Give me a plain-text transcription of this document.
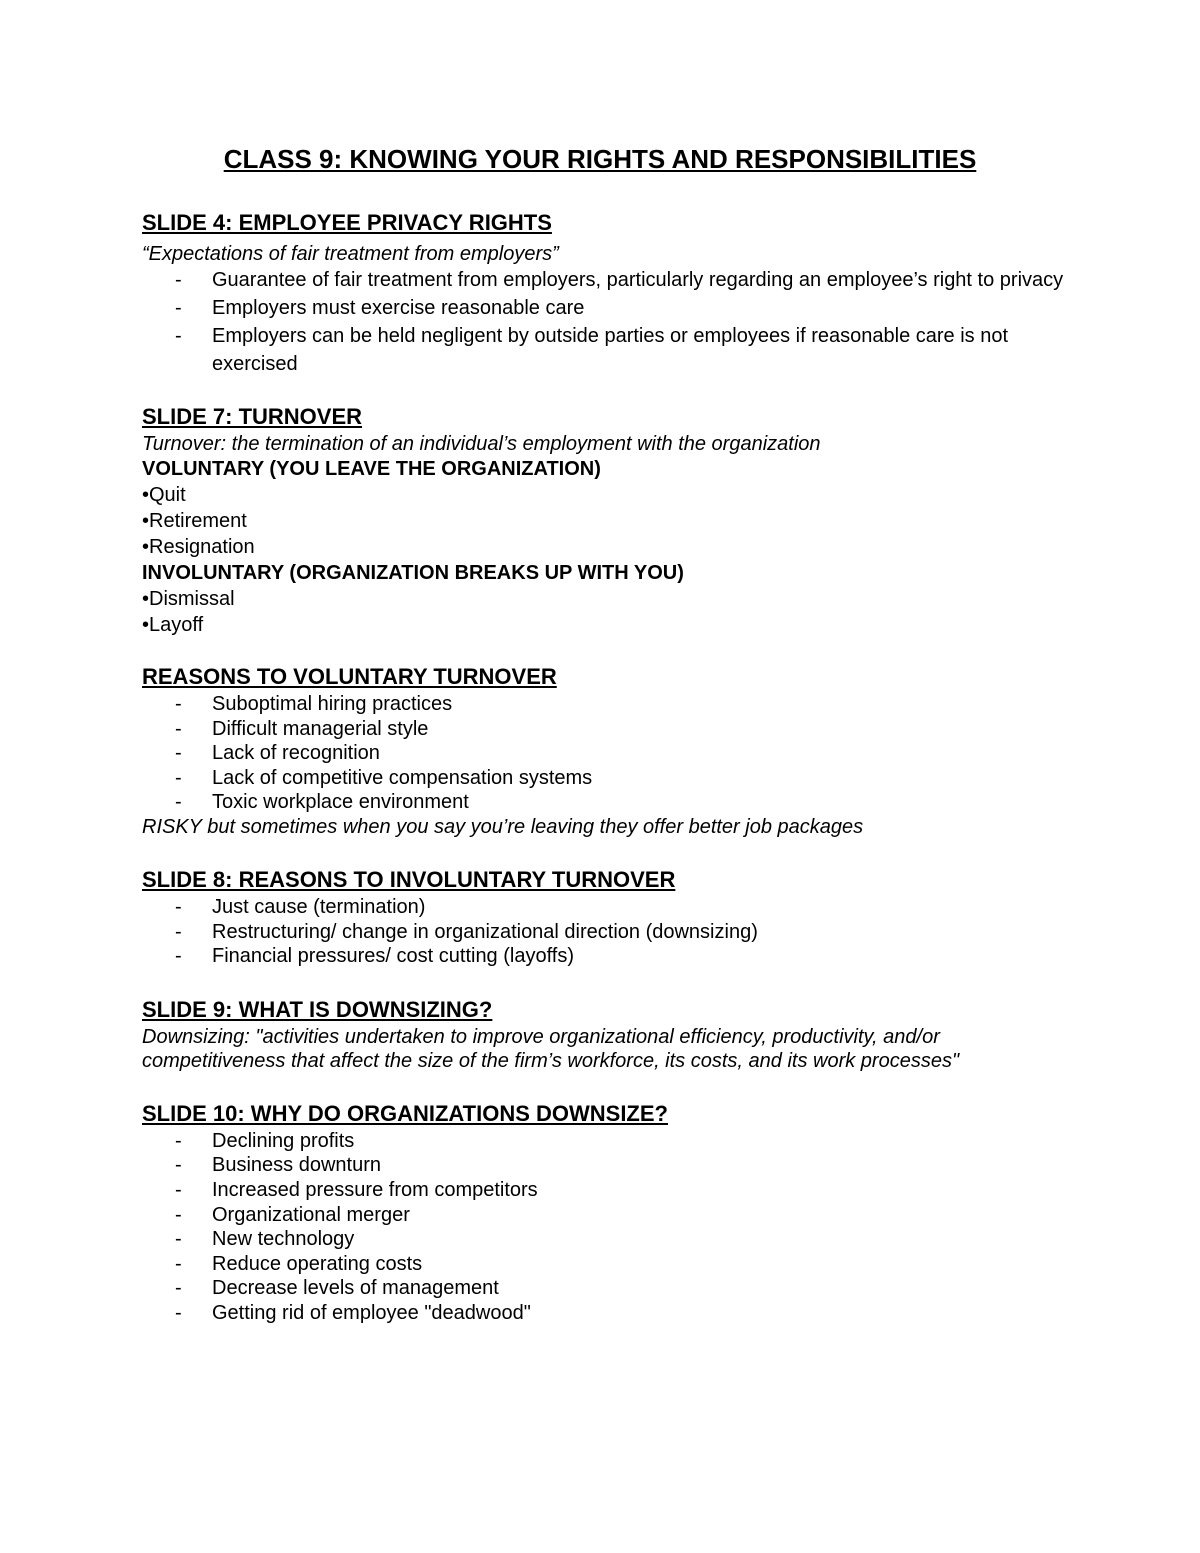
CLASS 9: KNOWING YOUR RIGHTS AND RESPONSIBILITIES
SLIDE 4: EMPLOYEE PRIVACY RIGHTS
“Expectations of fair treatment from employers”
- Guarantee of fair treatment from employers, particularly regarding an employee’s right to privacy
- Employers must exercise reasonable care
- Employers can be held negligent by outside parties or employees if reasonable care is not exercised
SLIDE 7: TURNOVER
Turnover: the termination of an individual’s employment with the organization
VOLUNTARY (YOU LEAVE THE ORGANIZATION)
•Quit
•Retirement
•Resignation
INVOLUNTARY (ORGANIZATION BREAKS UP WITH YOU)
•Dismissal
•Layoff
REASONS TO VOLUNTARY TURNOVER
- Suboptimal hiring practices
- Difficult managerial style
- Lack of recognition
- Lack of competitive compensation systems
- Toxic workplace environment
RISKY but sometimes when you say you’re leaving they offer better job packages
SLIDE 8: REASONS TO INVOLUNTARY TURNOVER
- Just cause (termination)
- Restructuring/ change in organizational direction (downsizing)
- Financial pressures/ cost cutting (layoffs)
SLIDE 9: WHAT IS DOWNSIZING?
Downsizing: "activities undertaken to improve organizational efficiency, productivity, and/or competitiveness that affect the size of the firm’s workforce, its costs, and its work processes"
SLIDE 10: WHY DO ORGANIZATIONS DOWNSIZE?
- Declining profits
- Business downturn
- Increased pressure from competitors
- Organizational merger
- New technology
- Reduce operating costs
- Decrease levels of management
- Getting rid of employee "deadwood"
